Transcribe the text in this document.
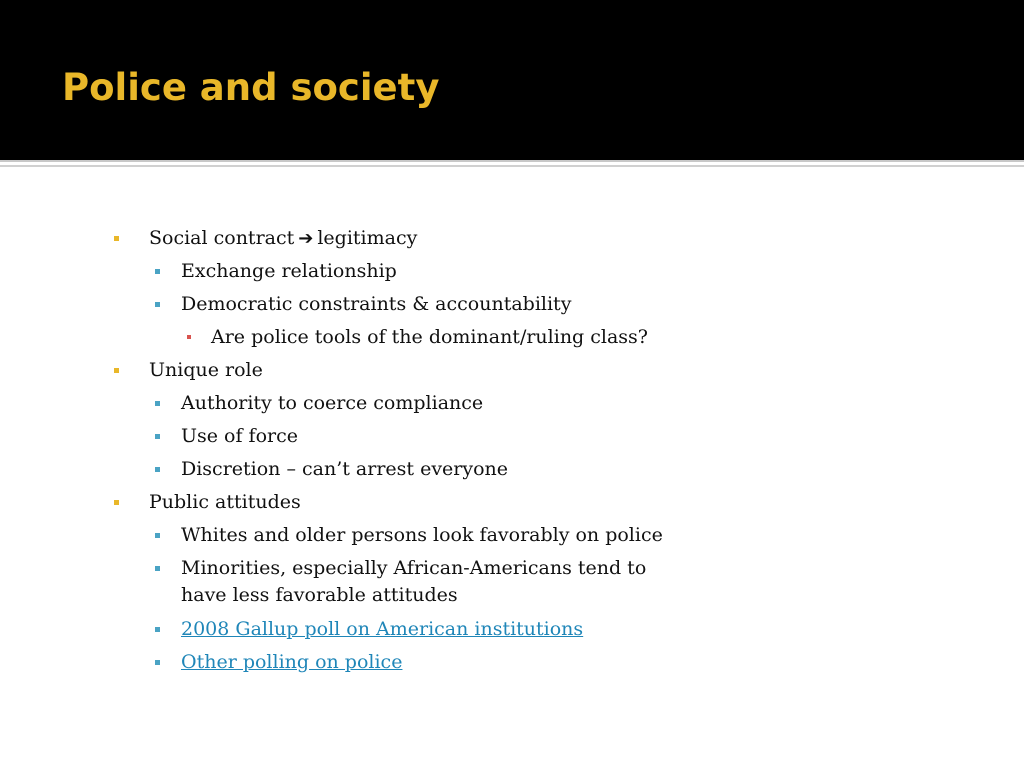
Police and society
Social contract ➔ legitimacy
Exchange relationship
Democratic constraints & accountability
Are police tools of the dominant/ruling class?
Unique role
Authority to coerce compliance
Use of force
Discretion – can’t arrest everyone
Public attitudes
Whites and older persons look favorably on police
Minorities, especially African-Americans tend to
have less favorable attitudes
2008 Gallup poll on American institutions
Other polling on police
